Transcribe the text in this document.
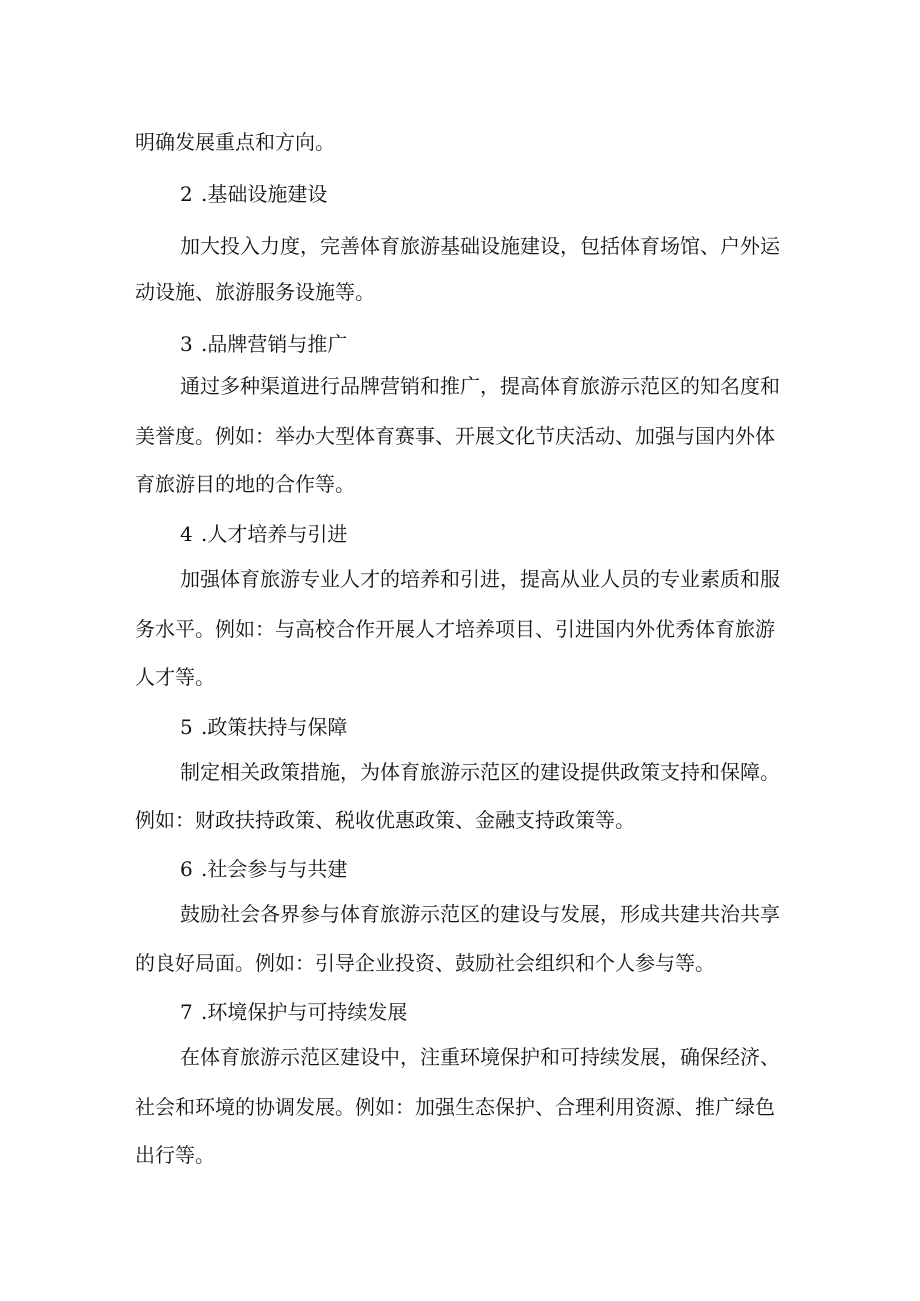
明确发展重点和方向。

2 .基础设施建设

加大投入力度，完善体育旅游基础设施建设，包括体育场馆、户外运

动设施、旅游服务设施等。

3 .品牌营销与推广

通过多种渠道进行品牌营销和推广，提高体育旅游示范区的知名度和

美誉度。例如：举办大型体育赛事、开展文化节庆活动、加强与国内外体

育旅游目的地的合作等。

4 .人才培养与引进

加强体育旅游专业人才的培养和引进，提高从业人员的专业素质和服

务水平。例如：与高校合作开展人才培养项目、引进国内外优秀体育旅游

人才等。

5 .政策扶持与保障

制定相关政策措施，为体育旅游示范区的建设提供政策支持和保障。

例如：财政扶持政策、税收优惠政策、金融支持政策等。

6 .社会参与与共建

鼓励社会各界参与体育旅游示范区的建设与发展，形成共建共治共享

的良好局面。例如：引导企业投资、鼓励社会组织和个人参与等。

7 .环境保护与可持续发展

在体育旅游示范区建设中，注重环境保护和可持续发展，确保经济、

社会和环境的协调发展。例如：加强生态保护、合理利用资源、推广绿色

出行等。
